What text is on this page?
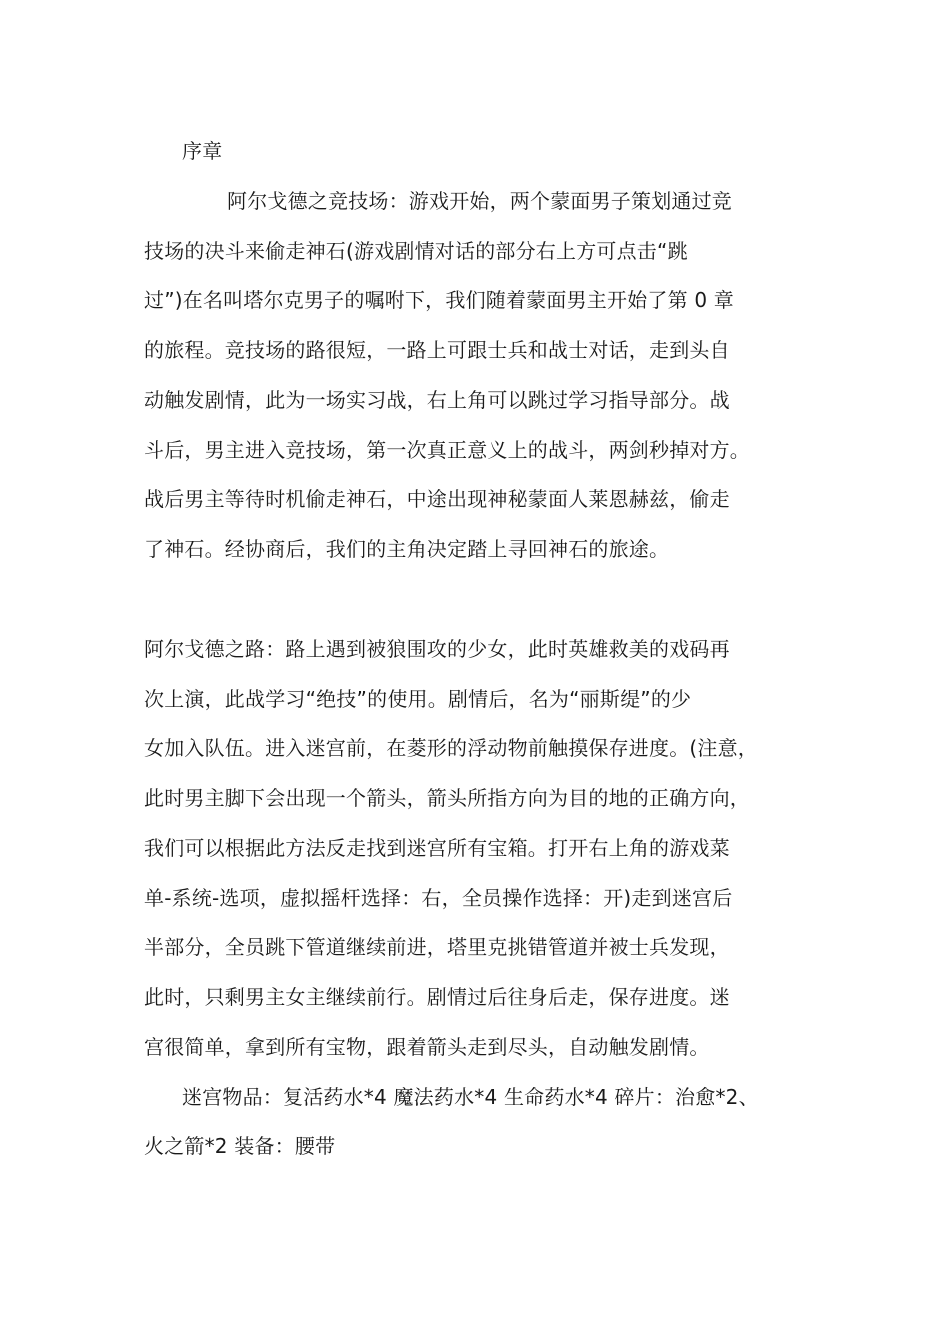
序章
阿尔戈德之竞技场：游戏开始，两个蒙面男子策划通过竞
技场的决斗来偷走神石(游戏剧情对话的部分右上方可点击“跳
过”)在名叫塔尔克男子的嘱咐下，我们随着蒙面男主开始了第 0 章
的旅程。竞技场的路很短，一路上可跟士兵和战士对话，走到头自
动触发剧情，此为一场实习战，右上角可以跳过学习指导部分。战
斗后，男主进入竞技场，第一次真正意义上的战斗，两剑秒掉对方。
战后男主等待时机偷走神石，中途出现神秘蒙面人莱恩赫兹，偷走
了神石。经协商后，我们的主角决定踏上寻回神石的旅途。
阿尔戈德之路：路上遇到被狼围攻的少女，此时英雄救美的戏码再
次上演，此战学习“绝技”的使用。剧情后，名为“丽斯缇”的少
女加入队伍。进入迷宫前，在菱形的浮动物前触摸保存进度。(注意，
此时男主脚下会出现一个箭头，箭头所指方向为目的地的正确方向，
我们可以根据此方法反走找到迷宫所有宝箱。打开右上角的游戏菜
单-系统-选项，虚拟摇杆选择：右，全员操作选择：开)走到迷宫后
半部分，全员跳下管道继续前进，塔里克挑错管道并被士兵发现，
此时，只剩男主女主继续前行。剧情过后往身后走，保存进度。迷
宫很简单，拿到所有宝物，跟着箭头走到尽头，自动触发剧情。
迷宫物品：复活药水*4 魔法药水*4 生命药水*4 碎片：治愈*2、
火之箭*2 装备：腰带
